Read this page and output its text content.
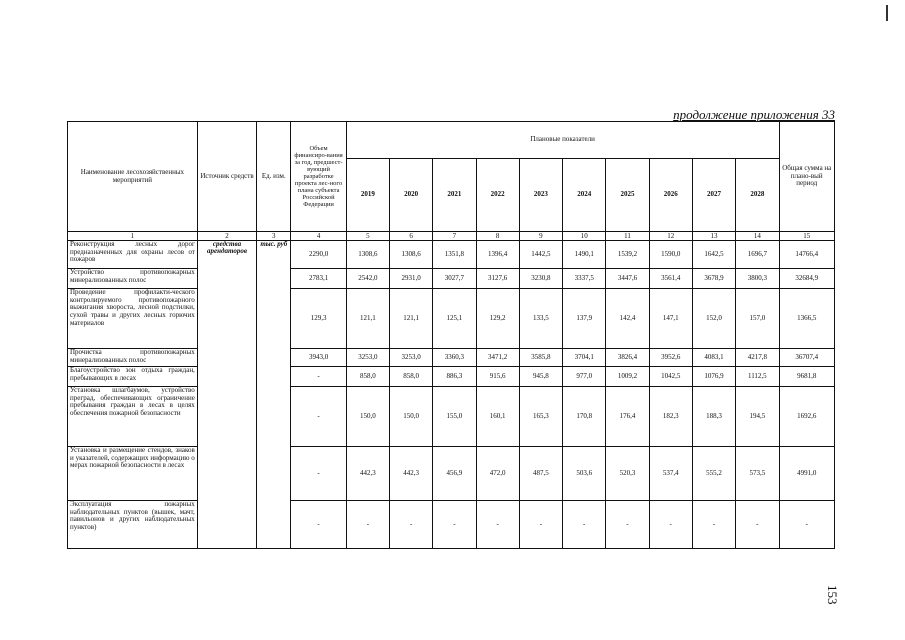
продолжение приложения 33
Наименование лесохозяйственных мероприятий	Источник средств	Ед. изм.	Объем финансиро-вания за год, предшест-вующий разработке проекта лес-ного плана субъекта Российской Федерации	Плановые показатели										Общая сумма на плано-вый период
				2019	2020	2021	2022	2023	2024	2025	2026	2027	2028	
1	2	3	4	5	6	7	8	9	10	11	12	13	14	15
Реконструкция лесных дорог предназначенных для охраны лесов от пожаров	средства арендаторов	тыс. руб	2290,0	1308,6	1308,6	1351,8	1396,4	1442,5	1490,1	1539,2	1590,0	1642,5	1696,7	14766,4
Устройство противопожарных минерализованных полос			2783,1	2542,0	2931,0	3027,7	3127,6	3230,8	3337,5	3447,6	3561,4	3678,9	3800,3	32684,9
Проведение профилакти-ческого контролируемого противопожарного выжигания хвороста, лесной подстилки, сухой травы и других лесных горючих материалов			129,3	121,1	121,1	125,1	129,2	133,5	137,9	142,4	147,1	152,0	157,0	1366,5
Прочистка противопожарных минерализованных полос			3943,0	3253,0	3253,0	3360,3	3471,2	3585,8	3704,1	3826,4	3952,6	4083,1	4217,8	36707,4
Благоустройство зон отдыха граждан, пребывающих в лесах			-	858,0	858,0	886,3	915,6	945,8	977,0	1009,2	1042,5	1076,9	1112,5	9681,8
Установка шлагбаумов, устройство преград, обеспечивающих ограничение пребывания граждан в лесах в целях обеспечения пожарной безопасности			-	150,0	150,0	155,0	160,1	165,3	170,8	176,4	182,3	188,3	194,5	1692,6
Установка и размещение стендов, знаков и указателей, содержащих информацию о мерах пожарной безопасности в лесах			-	442,3	442,3	456,9	472,0	487,5	503,6	520,3	537,4	555,2	573,5	4991,0
Эксплуатация пожарных наблюдательных пунктов (вышек, мачт, павильонов и других наблюдательных пунктов)			-	-	-	-	-	-	-	-	-	-	-	-
153
